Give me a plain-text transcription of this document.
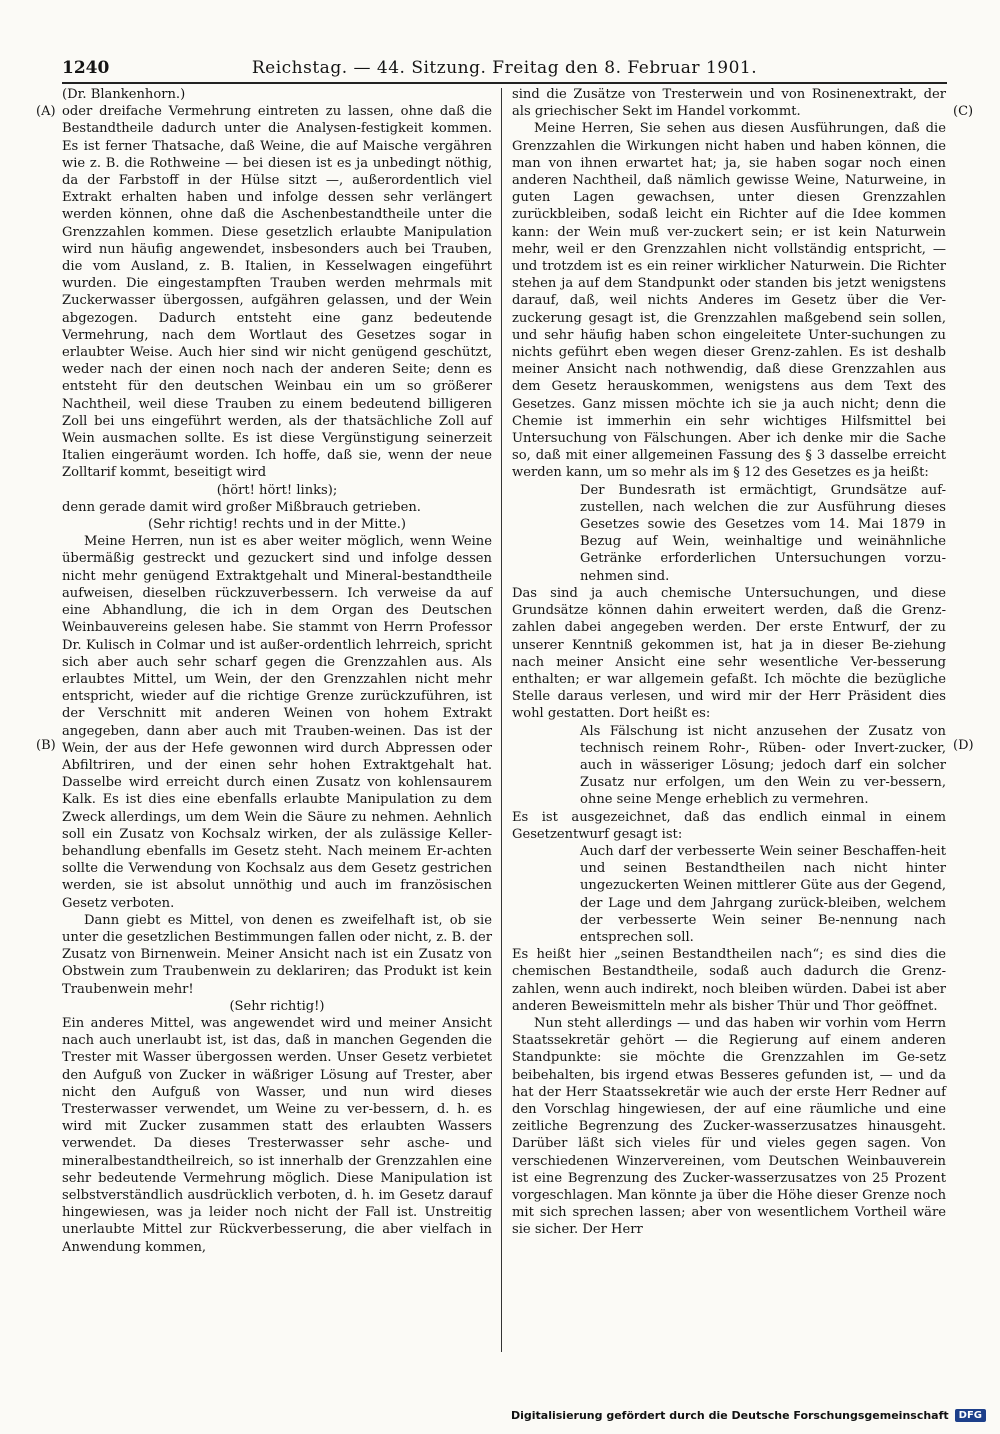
1240	Reichstag. — 44. Sitzung. Freitag den 8. Februar 1901.
(A)
(B)
(C)
(D)

(Dr. Blankenhorn.)

oder dreifache Vermehrung eintreten zu lassen, ohne daß die Bestandtheile dadurch unter die Analysen-festigkeit kommen. Es ist ferner Thatsache, daß Weine, die auf Maische vergähren wie z. B. die Rothweine — bei diesen ist es ja unbedingt nöthig, da der Farbstoff in der Hülse sitzt —, außerordentlich viel Extrakt erhalten haben und infolge dessen sehr verlängert werden können, ohne daß die Aschenbestandtheile unter die Grenzzahlen kommen. Diese gesetzlich erlaubte Manipulation wird nun häufig angewendet, insbesonders auch bei Trauben, die vom Ausland, z. B. Italien, in Kesselwagen eingeführt wurden. Die eingestampften Trauben werden mehrmals mit Zuckerwasser übergossen, aufgähren gelassen, und der Wein abgezogen. Dadurch entsteht eine ganz bedeutende Vermehrung, nach dem Wortlaut des Gesetzes sogar in erlaubter Weise. Auch hier sind wir nicht genügend geschützt, weder nach der einen noch nach der anderen Seite; denn es entsteht für den deutschen Weinbau ein um so größerer Nachtheil, weil diese Trauben zu einem bedeutend billigeren Zoll bei uns eingeführt werden, als der thatsächliche Zoll auf Wein ausmachen sollte. Es ist diese Vergünstigung seinerzeit Italien eingeräumt worden. Ich hoffe, daß sie, wenn der neue Zolltarif kommt, beseitigt wird

(hört! hört! links);

denn gerade damit wird großer Mißbrauch getrieben.

(Sehr richtig! rechts und in der Mitte.)

Meine Herren, nun ist es aber weiter möglich, wenn Weine übermäßig gestreckt und gezuckert sind und infolge dessen nicht mehr genügend Extraktgehalt und Mineral-bestandtheile aufweisen, dieselben rückzuverbessern. Ich verweise da auf eine Abhandlung, die ich in dem Organ des Deutschen Weinbauvereins gelesen habe. Sie stammt von Herrn Professor Dr. Kulisch in Colmar und ist außer-ordentlich lehrreich, spricht sich aber auch sehr scharf gegen die Grenzzahlen aus. Als erlaubtes Mittel, um Wein, der den Grenzzahlen nicht mehr entspricht, wieder auf die richtige Grenze zurückzuführen, ist der Verschnitt mit anderen Weinen von hohem Extrakt angegeben, dann aber auch mit Trauben-weinen. Das ist der Wein, der aus der Hefe gewonnen wird durch Abpressen oder Abfiltriren, und der einen sehr hohen Extraktgehalt hat. Dasselbe wird erreicht durch einen Zusatz von kohlensaurem Kalk. Es ist dies eine ebenfalls erlaubte Manipulation zu dem Zweck allerdings, um dem Wein die Säure zu nehmen. Aehnlich soll ein Zusatz von Kochsalz wirken, der als zulässige Keller-behandlung ebenfalls im Gesetz steht. Nach meinem Er-achten sollte die Verwendung von Kochsalz aus dem Gesetz gestrichen werden, sie ist absolut unnöthig und auch im französischen Gesetz verboten.

Dann giebt es Mittel, von denen es zweifelhaft ist, ob sie unter die gesetzlichen Bestimmungen fallen oder nicht, z. B. der Zusatz von Birnenwein. Meiner Ansicht nach ist ein Zusatz von Obstwein zum Traubenwein zu deklariren; das Produkt ist kein Traubenwein mehr!

(Sehr richtig!)

Ein anderes Mittel, was angewendet wird und meiner Ansicht nach auch unerlaubt ist, ist das, daß in manchen Gegenden die Trester mit Wasser übergossen werden. Unser Gesetz verbietet den Aufguß von Zucker in wäßriger Lösung auf Trester, aber nicht den Aufguß von Wasser, und nun wird dieses Tresterwasser verwendet, um Weine zu ver-bessern, d. h. es wird mit Zucker zusammen statt des erlaubten Wassers verwendet. Da dieses Tresterwasser sehr asche- und mineralbestandtheilreich, so ist innerhalb der Grenzzahlen eine sehr bedeutende Vermehrung möglich. Diese Manipulation ist selbstverständlich ausdrücklich verboten, d. h. im Gesetz darauf hingewiesen, was ja leider noch nicht der Fall ist. Unstreitig unerlaubte Mittel zur Rückverbesserung, die aber vielfach in Anwendung kommen,

sind die Zusätze von Tresterwein und von Rosinenextrakt, der als griechischer Sekt im Handel vorkommt.

Meine Herren, Sie sehen aus diesen Ausführungen, daß die Grenzzahlen die Wirkungen nicht haben und haben können, die man von ihnen erwartet hat; ja, sie haben sogar noch einen anderen Nachtheil, daß nämlich gewisse Weine, Naturweine, in guten Lagen gewachsen, unter diesen Grenzzahlen zurückbleiben, sodaß leicht ein Richter auf die Idee kommen kann: der Wein muß ver-zuckert sein; er ist kein Naturwein mehr, weil er den Grenzzahlen nicht vollständig entspricht, — und trotzdem ist es ein reiner wirklicher Naturwein. Die Richter stehen ja auf dem Standpunkt oder standen bis jetzt wenigstens darauf, daß, weil nichts Anderes im Gesetz über die Ver-zuckerung gesagt ist, die Grenzzahlen maßgebend sein sollen, und sehr häufig haben schon eingeleitete Unter-suchungen zu nichts geführt eben wegen dieser Grenz-zahlen. Es ist deshalb meiner Ansicht nach nothwendig, daß diese Grenzzahlen aus dem Gesetz herauskommen, wenigstens aus dem Text des Gesetzes. Ganz missen möchte ich sie ja auch nicht; denn die Chemie ist immerhin ein sehr wichtiges Hilfsmittel bei Untersuchung von Fälschungen. Aber ich denke mir die Sache so, daß mit einer allgemeinen Fassung des § 3 dasselbe erreicht werden kann, um so mehr als im § 12 des Gesetzes es ja heißt:

Der Bundesrath ist ermächtigt, Grundsätze auf-zustellen, nach welchen die zur Ausführung dieses Gesetzes sowie des Gesetzes vom 14. Mai 1879 in Bezug auf Wein, weinhaltige und weinähnliche Getränke erforderlichen Untersuchungen vorzu-nehmen sind.

Das sind ja auch chemische Untersuchungen, und diese Grundsätze können dahin erweitert werden, daß die Grenz-zahlen dabei angegeben werden. Der erste Entwurf, der zu unserer Kenntniß gekommen ist, hat ja in dieser Be-ziehung nach meiner Ansicht eine sehr wesentliche Ver-besserung enthalten; er war allgemein gefaßt. Ich möchte die bezügliche Stelle daraus verlesen, und wird mir der Herr Präsident dies wohl gestatten. Dort heißt es:

Als Fälschung ist nicht anzusehen der Zusatz von technisch reinem Rohr-, Rüben- oder Invert-zucker, auch in wässeriger Lösung; jedoch darf ein solcher Zusatz nur erfolgen, um den Wein zu ver-bessern, ohne seine Menge erheblich zu vermehren.

Es ist ausgezeichnet, daß das endlich einmal in einem Gesetzentwurf gesagt ist:

Auch darf der verbesserte Wein seiner Beschaffen-heit und seinen Bestandtheilen nach nicht hinter ungezuckerten Weinen mittlerer Güte aus der Gegend, der Lage und dem Jahrgang zurück-bleiben, welchem der verbesserte Wein seiner Be-nennung nach entsprechen soll.

Es heißt hier „seinen Bestandtheilen nach“; es sind dies die chemischen Bestandtheile, sodaß auch dadurch die Grenz-zahlen, wenn auch indirekt, noch bleiben würden. Dabei ist aber anderen Beweismitteln mehr als bisher Thür und Thor geöffnet.

Nun steht allerdings — und das haben wir vorhin vom Herrn Staatssekretär gehört — die Regierung auf einem anderen Standpunkte: sie möchte die Grenzzahlen im Ge-setz beibehalten, bis irgend etwas Besseres gefunden ist, — und da hat der Herr Staatssekretär wie auch der erste Herr Redner auf den Vorschlag hingewiesen, der auf eine räumliche und eine zeitliche Begrenzung des Zucker-wasserzusatzes hinausgeht. Darüber läßt sich vieles für und vieles gegen sagen. Von verschiedenen Winzervereinen, vom Deutschen Weinbauverein ist eine Begrenzung des Zucker-wasserzusatzes von 25 Prozent vorgeschlagen. Man könnte ja über die Höhe dieser Grenze noch mit sich sprechen lassen; aber von wesentlichem Vortheil wäre sie sicher. Der Herr

Digitalisierung gefördert durch die Deutsche Forschungsgemeinschaft	DFG
